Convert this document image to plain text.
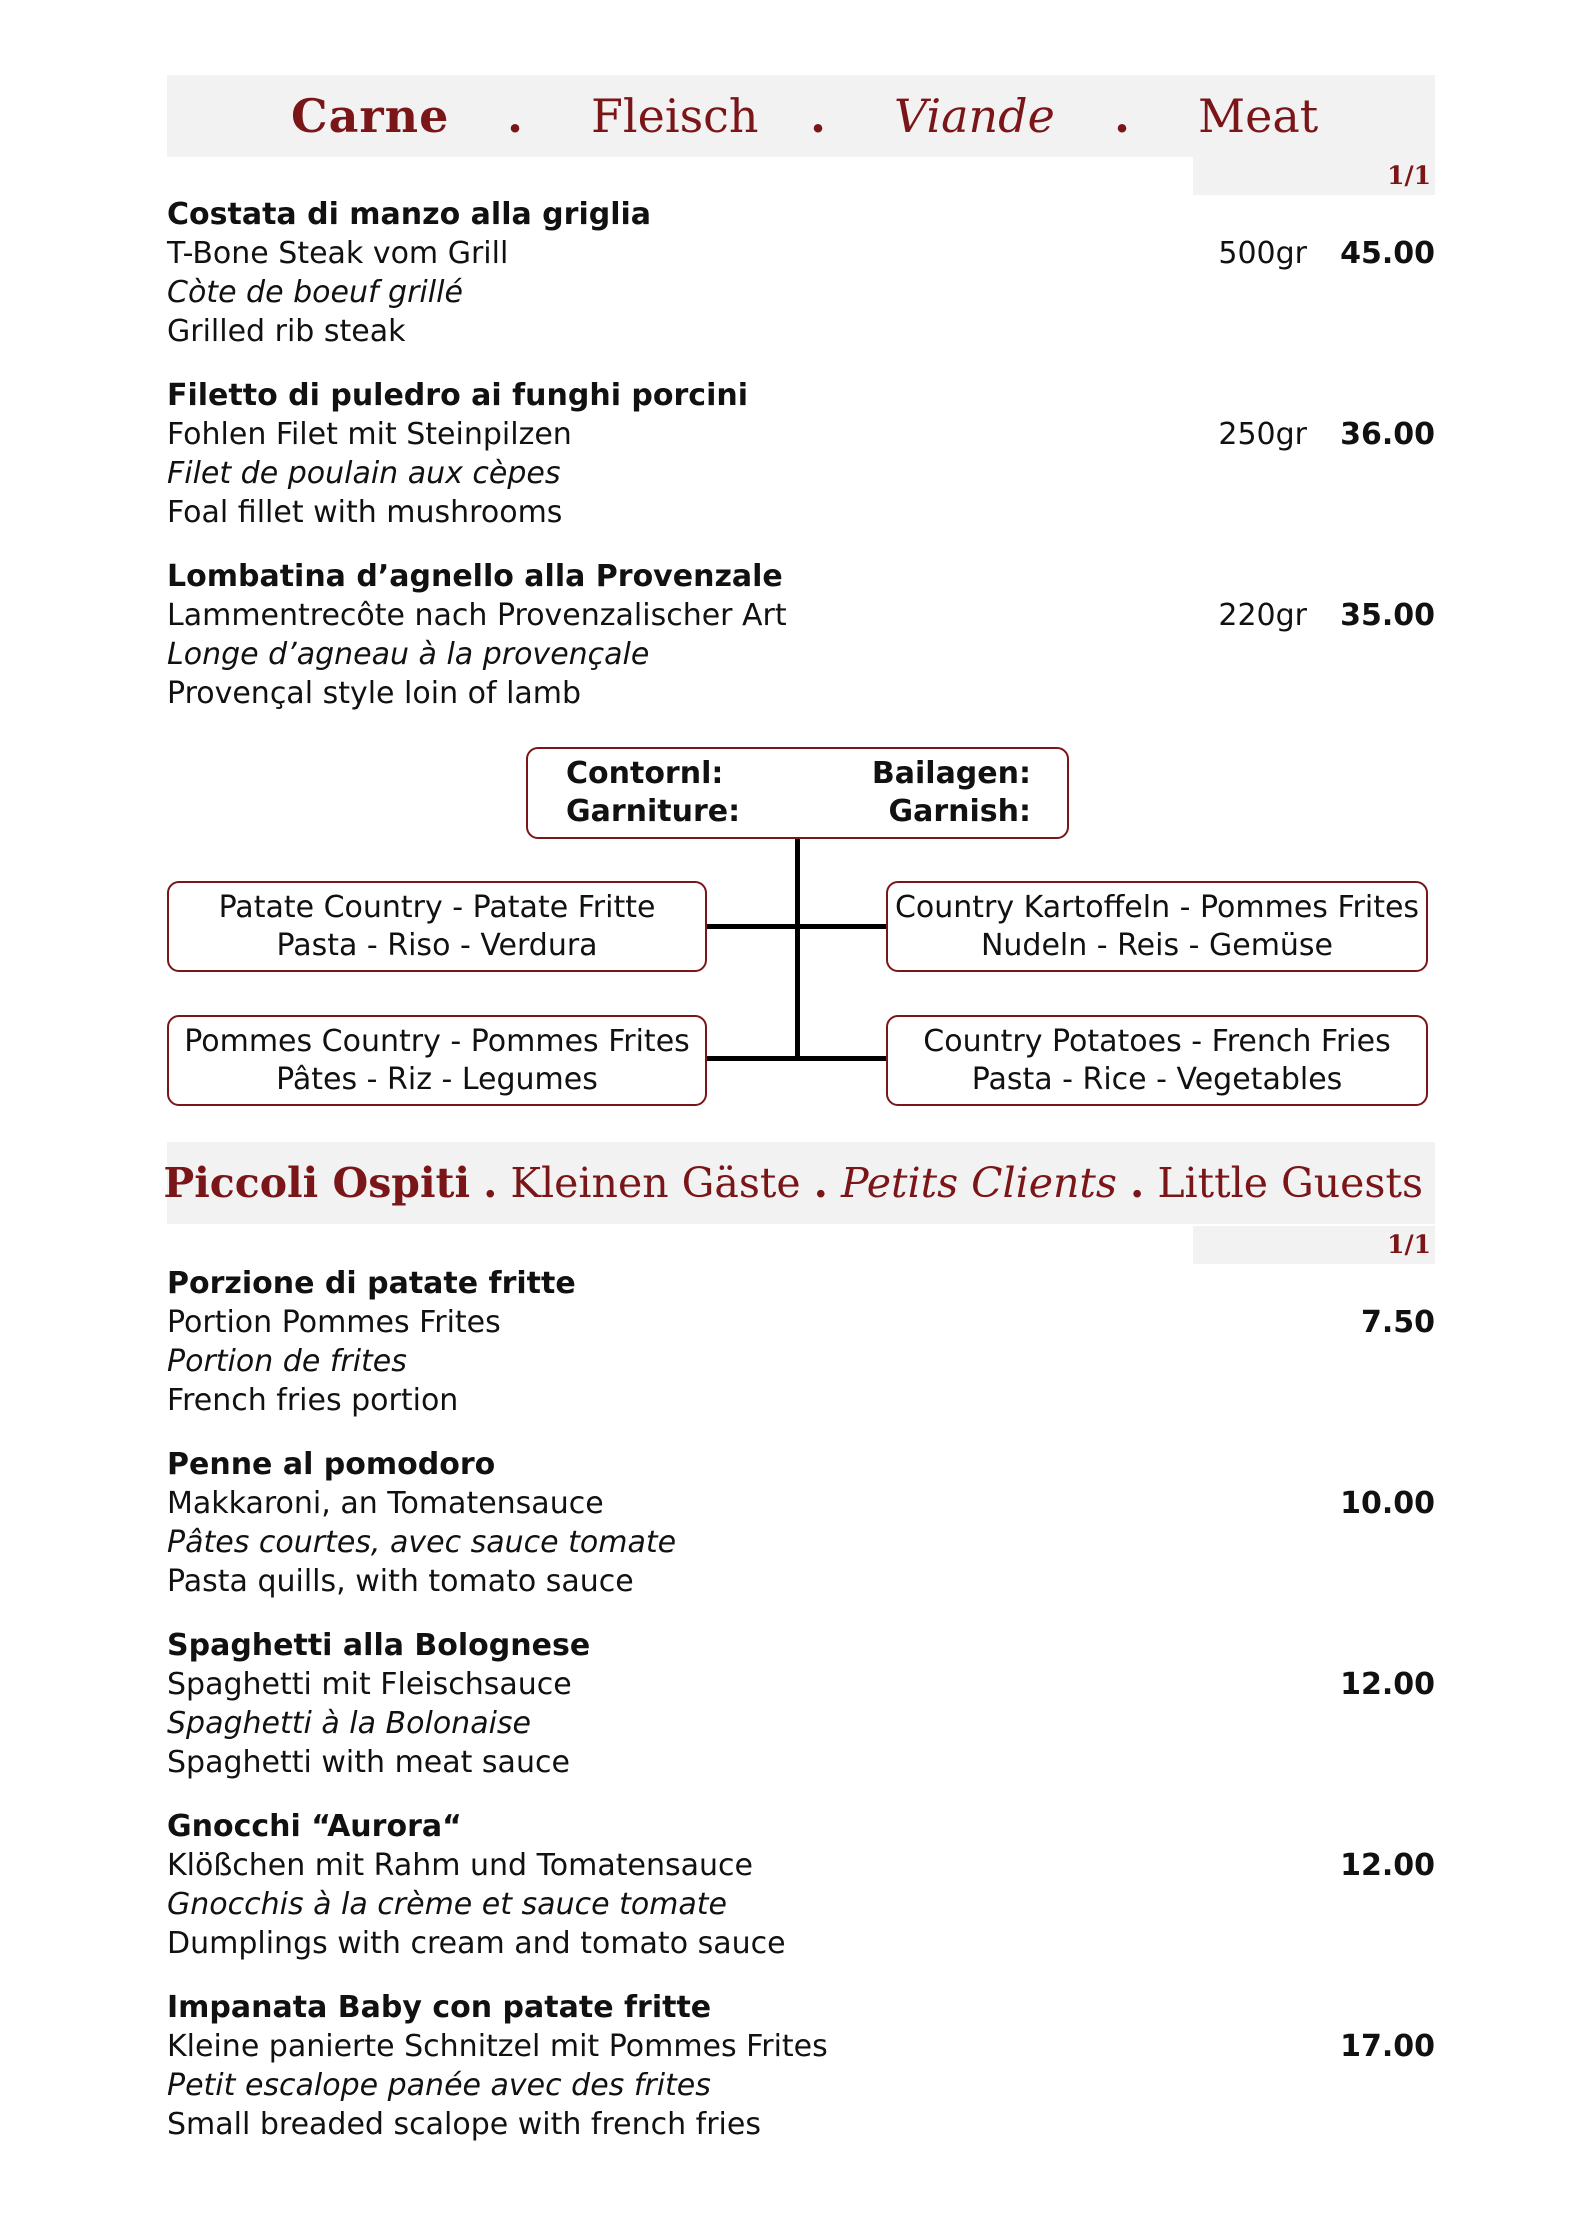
Carne . Fleisch . Viande . Meat
1/1
Costata di manzo alla griglia
T-Bone Steak vom Grill
Còte de boeuf grillé
Grilled rib steak
500gr 45.00
Filetto di puledro ai funghi porcini
Fohlen Filet mit Steinpilzen
Filet de poulain aux cèpes
Foal fillet with mushrooms
250gr 36.00
Lombatina d’agnello alla Provenzale
Lammentrecôte nach Provenzalischer Art
Longe d’agneau à la provençale
Provençal style loin of lamb
220gr 35.00
Contornl:	Bailagen:
Garniture:	Garnish:
Patate Country - Patate Fritte
Pasta - Riso - Verdura
Country Kartoffeln - Pommes Frites
Nudeln - Reis - Gemüse
Pommes Country - Pommes Frites
Pâtes - Riz - Legumes
Country Potatoes - French Fries
Pasta - Rice - Vegetables
Piccoli Ospiti . Kleinen Gäste . Petits Clients . Little Guests
1/1
Porzione di patate fritte
Portion Pommes Frites
Portion de frites
French fries portion
7.50
Penne al pomodoro
Makkaroni, an Tomatensauce
Pâtes courtes, avec sauce tomate
Pasta quills, with tomato sauce
10.00
Spaghetti alla Bolognese
Spaghetti mit Fleischsauce
Spaghetti à la Bolonaise
Spaghetti with meat sauce
12.00
Gnocchi “Aurora“
Klößchen mit Rahm und Tomatensauce
Gnocchis à la crème et sauce tomate
Dumplings with cream and tomato sauce
12.00
Impanata Baby con patate fritte
Kleine panierte Schnitzel mit Pommes Frites
Petit escalope panée avec des frites
Small breaded scalope with french fries
17.00
